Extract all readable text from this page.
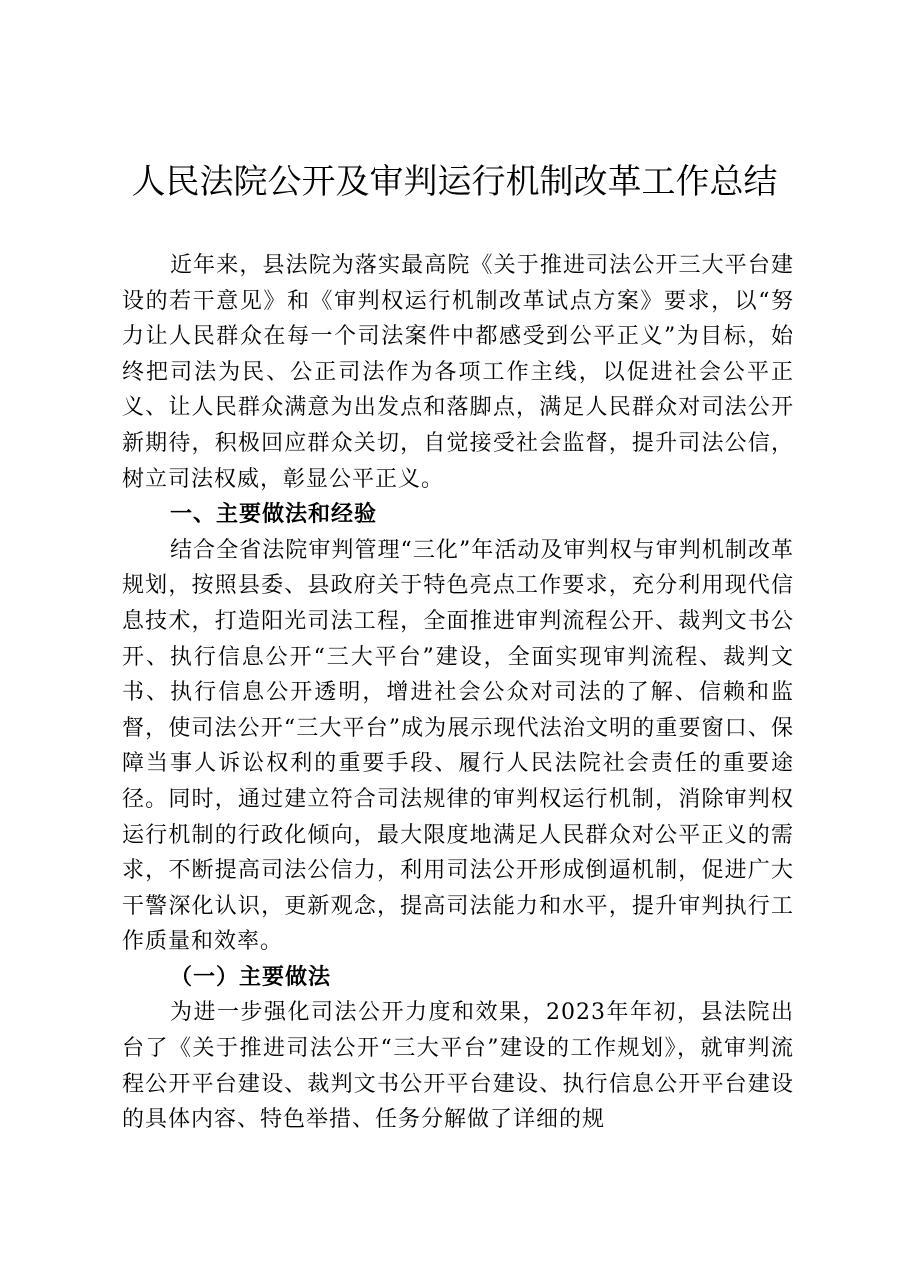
人民法院公开及审判运行机制改革工作总结

近年来，县法院为落实最高院《关于推进司法公开三大平台建设的若干意见》和《审判权运行机制改革试点方案》要求，以“努力让人民群众在每一个司法案件中都感受到公平正义”为目标，始终把司法为民、公正司法作为各项工作主线，以促进社会公平正义、让人民群众满意为出发点和落脚点，满足人民群众对司法公开新期待，积极回应群众关切，自觉接受社会监督，提升司法公信，树立司法权威，彰显公平正义。

一、主要做法和经验

结合全省法院审判管理“三化”年活动及审判权与审判机制改革规划，按照县委、县政府关于特色亮点工作要求，充分利用现代信息技术，打造阳光司法工程，全面推进审判流程公开、裁判文书公开、执行信息公开“三大平台”建设，全面实现审判流程、裁判文书、执行信息公开透明，增进社会公众对司法的了解、信赖和监督，使司法公开“三大平台”成为展示现代法治文明的重要窗口、保障当事人诉讼权利的重要手段、履行人民法院社会责任的重要途径。同时，通过建立符合司法规律的审判权运行机制，消除审判权运行机制的行政化倾向，最大限度地满足人民群众对公平正义的需求，不断提高司法公信力，利用司法公开形成倒逼机制，促进广大干警深化认识，更新观念，提高司法能力和水平，提升审判执行工作质量和效率。

（一）主要做法

为进一步强化司法公开力度和效果，2023年年初，县法院出台了《关于推进司法公开“三大平台”建设的工作规划》，就审判流程公开平台建设、裁判文书公开平台建设、执行信息公开平台建设的具体内容、特色举措、任务分解做了详细的规
